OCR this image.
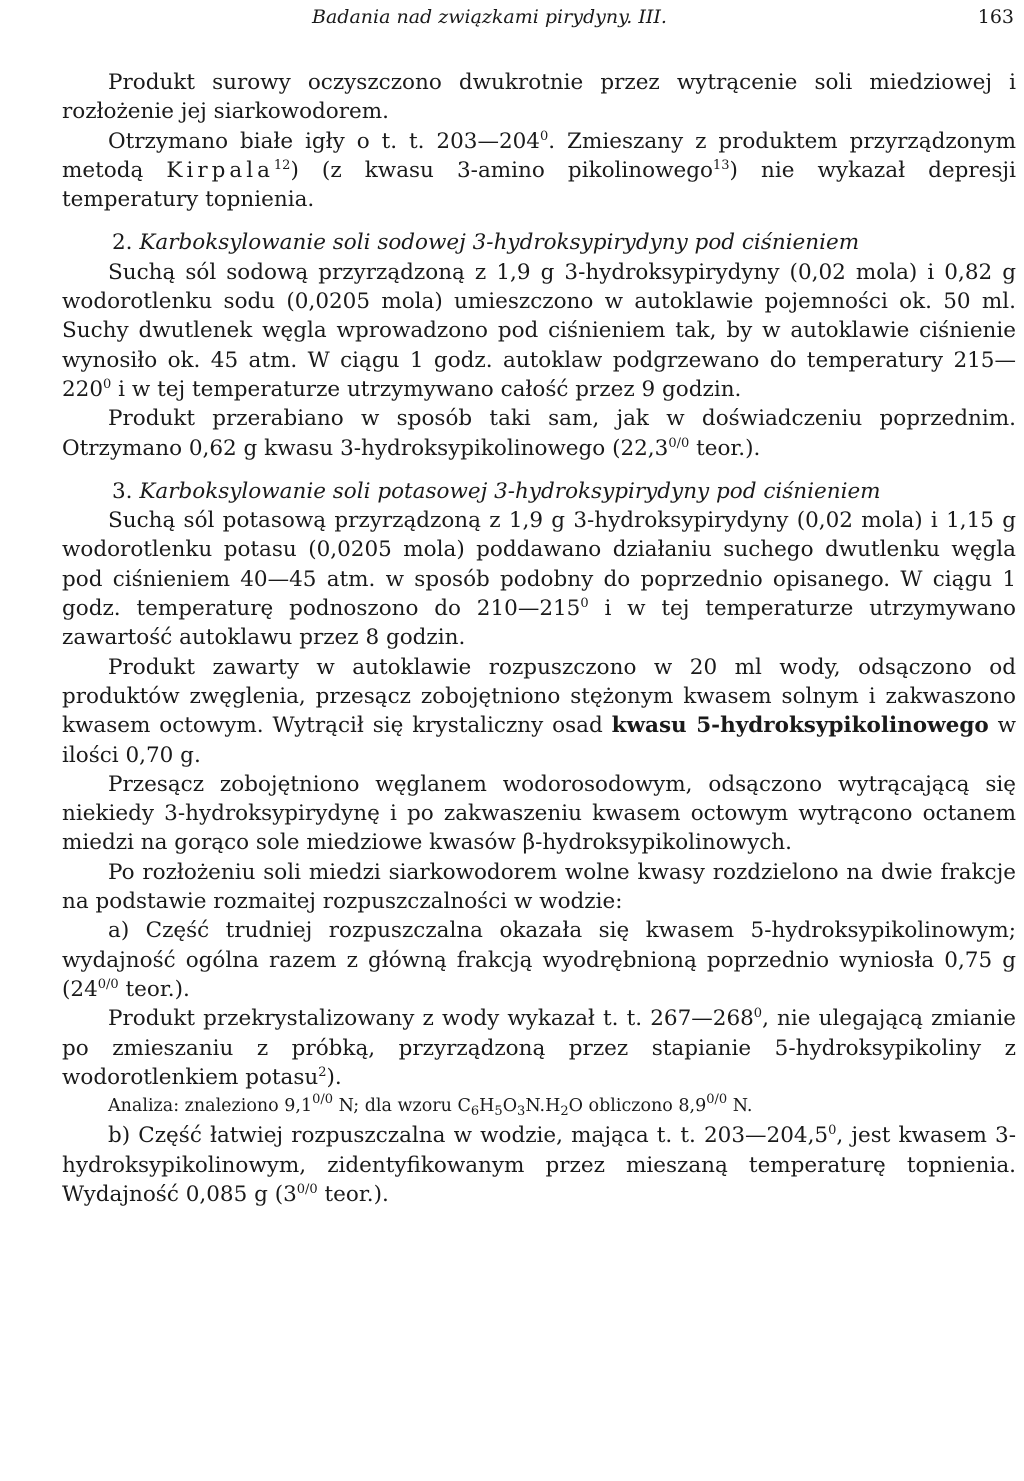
Badania nad związkami pirydyny. III.	163

Produkt surowy oczyszczono dwukrotnie przez wytrącenie soli miedziowej i rozłożenie jej siarkowodorem.

Otrzymano białe igły o t. t. $203—204^0$. Zmieszany z produktem przyrządzonym metodą Kirpala$^{12}$) (z kwasu 3-amino pikolinowego$^{13}$) nie wykazał depresji temperatury topnienia.

2. Karboksylowanie soli sodowej 3-hydroksypirydyny pod ciśnieniem

Suchą sól sodową przyrządzoną z 1,9 g 3-hydroksypirydyny (0,02 mola) i 0,82 g wodorotlenku sodu (0,0205 mola) umieszczono w autoklawie pojemności ok. 50 ml. Suchy dwutlenek węgla wprowadzono pod ciśnieniem tak, by w autoklawie ciśnienie wynosiło ok. 45 atm. W ciągu 1 godz. autoklaw podgrzewano do temperatury $215—220^0$ i w tej temperaturze utrzymywano całość przez 9 godzin.

Produkt przerabiano w sposób taki sam, jak w doświadczeniu poprzednim. Otrzymano 0,62 g kwasu 3-hydroksypikolinowego ($22,3^{0/0}$ teor.).

3. Karboksylowanie soli potasowej 3-hydroksypirydyny pod ciśnieniem

Suchą sól potasową przyrządzoną z 1,9 g 3-hydroksypirydyny (0,02 mola) i 1,15 g wodorotlenku potasu (0,0205 mola) poddawano działaniu suchego dwutlenku węgla pod ciśnieniem 40—45 atm. w sposób podobny do poprzednio opisanego. W ciągu 1 godz. temperaturę podnoszono do $210—215^0$ i w tej temperaturze utrzymywano zawartość autoklawu przez 8 godzin.

Produkt zawarty w autoklawie rozpuszczono w 20 ml wody, odsączono od produktów zwęglenia, przesącz zobojętniono stężonym kwasem solnym i zakwaszono kwasem octowym. Wytrącił się krystaliczny osad kwasu 5-hydroksypikolinowego w ilości 0,70 g.

Przesącz zobojętniono węglanem wodorosodowym, odsączono wytrącającą się niekiedy 3-hydroksypirydynę i po zakwaszeniu kwasem octowym wytrącono octanem miedzi na gorąco sole miedziowe kwasów β-hydroksypikolinowych.

Po rozłożeniu soli miedzi siarkowodorem wolne kwasy rozdzielono na dwie frakcje na podstawie rozmaitej rozpuszczalności w wodzie:

a) Część trudniej rozpuszczalna okazała się kwasem 5-hydroksypikolinowym; wydajność ogólna razem z główną frakcją wyodrębnioną poprzednio wyniosła 0,75 g ($24^{0/0}$ teor.).

Produkt przekrystalizowany z wody wykazał t. t. $267—268^0$, nie ulegającą zmianie po zmieszaniu z próbką, przyrządzoną przez stapianie 5-hydroksypikoliny z wodorotlenkiem potasu$^2$).

Analiza: znaleziono $9,1^{0/0}$ N; dla wzoru $C_6H_5O_3N.H_2O$ obliczono $8,9^{0/0}$ N.

b) Część łatwiej rozpuszczalna w wodzie, mająca t. t. 203—204,5$^0$, jest kwasem 3-hydroksypikolinowym, zidentyfikowanym przez mieszaną temperaturę topnienia. Wydajność 0,085 g ($3^{0/0}$ teor.).
